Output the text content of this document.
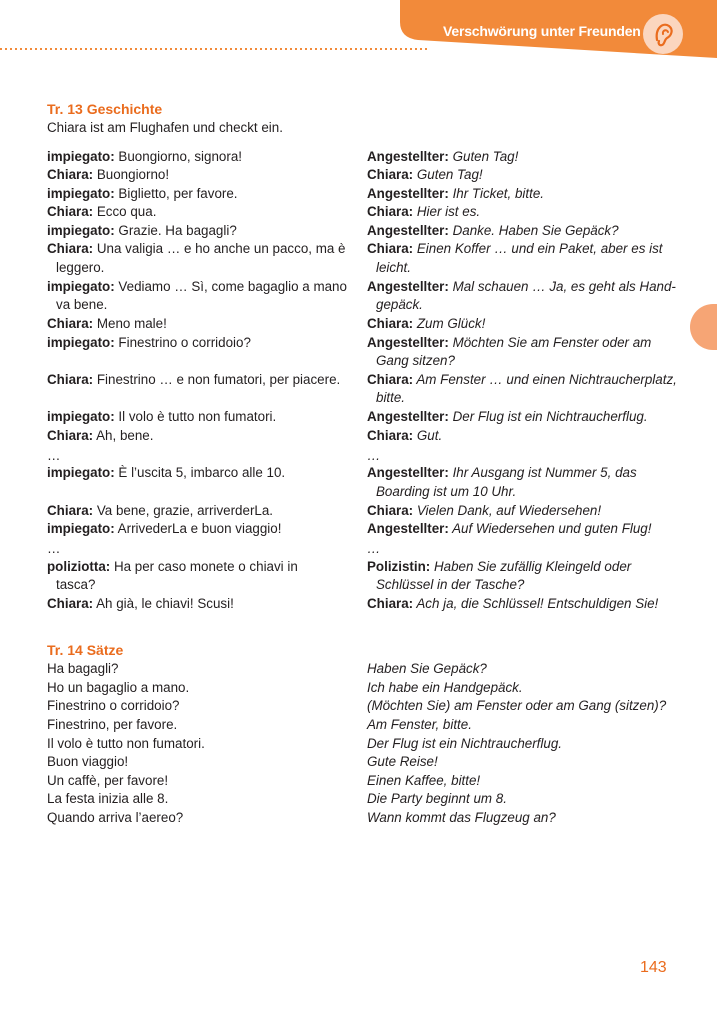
Verschwörung unter Freunden
Tr. 13 Geschichte
Chiara ist am Flughafen und checkt ein.
impiegato: Buongiorno, signora!
Chiara: Buongiorno!
impiegato: Biglietto, per favore.
Chiara: Ecco qua.
impiegato: Grazie. Ha bagagli?
Chiara: Una valigia … e ho anche un pacco, ma è
leggero.
impiegato: Vediamo … Sì, come bagaglio a mano
va bene.
Chiara: Meno male!
impiegato: Finestrino o corridoio?
Chiara: Finestrino … e non fumatori, per piacere.
impiegato: Il volo è tutto non fumatori.
Chiara: Ah, bene.
…
impiegato: È l’uscita 5, imbarco alle 10.
Chiara: Va bene, grazie, arriverderLa.
impiegato: ArrivederLa e buon viaggio!
…
poliziotta: Ha per caso monete o chiavi in
tasca?
Chiara: Ah già, le chiavi! Scusi!
Angestellter: Guten Tag!
Chiara: Guten Tag!
Angestellter: Ihr Ticket, bitte.
Chiara: Hier ist es.
Angestellter: Danke. Haben Sie Gepäck?
Chiara: Einen Koffer … und ein Paket, aber es ist
leicht.
Angestellter: Mal schauen … Ja, es geht als Hand-
gepäck.
Chiara: Zum Glück!
Angestellter: Möchten Sie am Fenster oder am
Gang sitzen?
Chiara: Am Fenster … und einen Nichtraucherplatz,
bitte.
Angestellter: Der Flug ist ein Nichtraucherflug.
Chiara: Gut.
…
Angestellter: Ihr Ausgang ist Nummer 5, das
Boarding ist um 10 Uhr.
Chiara: Vielen Dank, auf Wiedersehen!
Angestellter: Auf Wiedersehen und guten Flug!
…
Polizistin: Haben Sie zufällig Kleingeld oder
Schlüssel in der Tasche?
Chiara: Ach ja, die Schlüssel! Entschuldigen Sie!
Tr. 14 Sätze
Ha bagagli?
Ho un bagaglio a mano.
Finestrino o corridoio?
Finestrino, per favore.
Il volo è tutto non fumatori.
Buon viaggio!
Un caffè, per favore!
La festa inizia alle 8.
Quando arriva l’aereo?
Haben Sie Gepäck?
Ich habe ein Handgepäck.
(Möchten Sie) am Fenster oder am Gang (sitzen)?
Am Fenster, bitte.
Der Flug ist ein Nichtraucherflug.
Gute Reise!
Einen Kaffee, bitte!
Die Party beginnt um 8.
Wann kommt das Flugzeug an?
143
